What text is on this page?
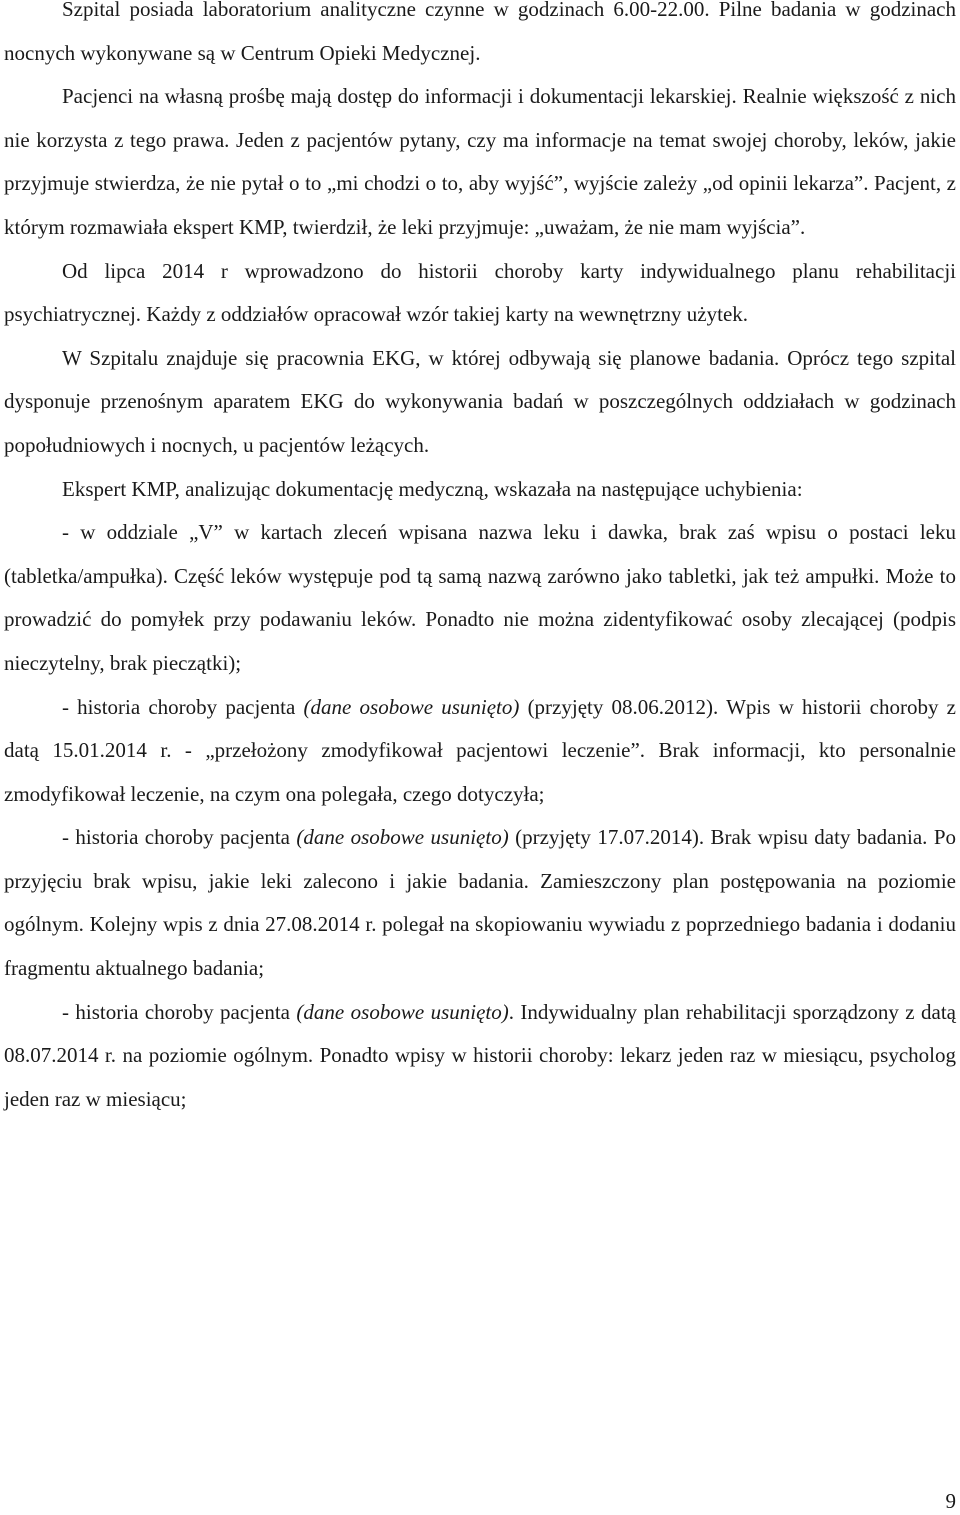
Szpital posiada laboratorium analityczne czynne w godzinach 6.00-22.00. Pilne badania w godzinach nocnych wykonywane są w Centrum Opieki Medycznej.

Pacjenci na własną prośbę mają dostęp do informacji i dokumentacji lekarskiej. Realnie większość z nich nie korzysta z tego prawa. Jeden z pacjentów pytany, czy ma informacje na temat swojej choroby, leków, jakie przyjmuje stwierdza, że nie pytał o to „mi chodzi o to, aby wyjść”, wyjście zależy „od opinii lekarza”. Pacjent, z którym rozmawiała ekspert KMP, twierdził, że leki przyjmuje: „uważam, że nie mam wyjścia”.

Od lipca 2014 r wprowadzono do historii choroby karty indywidualnego planu rehabilitacji psychiatrycznej. Każdy z oddziałów opracował wzór takiej karty na wewnętrzny użytek.

W Szpitalu znajduje się pracownia EKG, w której odbywają się planowe badania. Oprócz tego szpital dysponuje przenośnym aparatem EKG do wykonywania badań w poszczególnych oddziałach w godzinach popołudniowych i nocnych, u pacjentów leżących.

Ekspert KMP, analizując dokumentację medyczną, wskazała na następujące uchybienia:

- w oddziale „V” w kartach zleceń wpisana nazwa leku i dawka, brak zaś wpisu o postaci leku (tabletka/ampułka). Część leków występuje pod tą samą nazwą zarówno jako tabletki, jak też ampułki. Może to prowadzić do pomyłek przy podawaniu leków. Ponadto nie można zidentyfikować osoby zlecającej (podpis nieczytelny, brak pieczątki);

- historia choroby pacjenta (dane osobowe usunięto) (przyjęty 08.06.2012). Wpis w historii choroby z datą 15.01.2014 r. - „przełożony zmodyfikował pacjentowi leczenie”. Brak informacji, kto personalnie zmodyfikował leczenie, na czym ona polegała, czego dotyczyła;

- historia choroby pacjenta (dane osobowe usunięto) (przyjęty 17.07.2014). Brak wpisu daty badania. Po przyjęciu brak wpisu, jakie leki zalecono i jakie badania. Zamieszczony plan postępowania na poziomie ogólnym. Kolejny wpis z dnia 27.08.2014 r. polegał na skopiowaniu wywiadu z poprzedniego badania i dodaniu fragmentu aktualnego badania;

- historia choroby pacjenta (dane osobowe usunięto). Indywidualny plan rehabilitacji sporządzony z datą 08.07.2014 r. na poziomie ogólnym. Ponadto wpisy w historii choroby: lekarz jeden raz w miesiącu, psycholog jeden raz w miesiącu;

9
